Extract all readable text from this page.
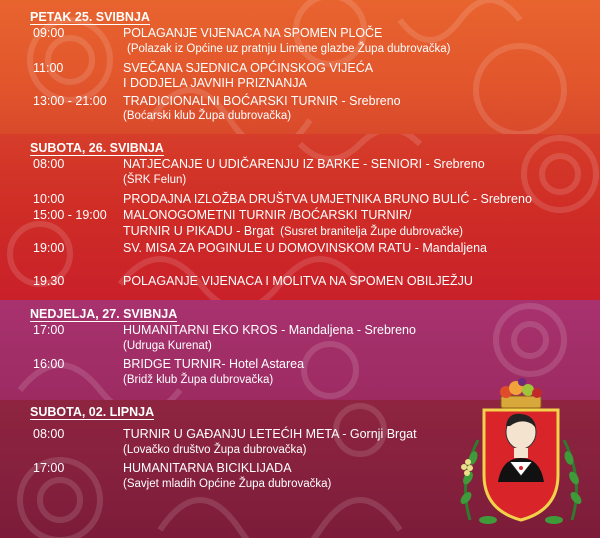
PETAK 25. SVIBNJA
09:00	POLAGANJE VIJENACA NA SPOMEN PLOČE
(Polazak iz Općine uz pratnju Limene glazbe Župa dubrovačka)
11:00	SVEČANA SJEDNICA OPĆINSKOG VIJEĆA
I DODJELA JAVNIH PRIZNANJA
13:00 - 21:00 TRADICIONALNI BOĆARSKI TURNIR - Srebreno
(Boćarski klub Župa dubrovačka)
SUBOTA, 26. SVIBNJA
08:00	NATJECANJE U UDIČARENJU IZ BARKE - SENIORI - Srebreno
(ŠRK Felun)
10:00	PRODAJNA IZLOŽBA DRUŠTVA UMJETNIKA BRUNO BULIĆ - Srebreno
15:00 - 19:00 MALONOGOMETNI TURNIR /BOĆARSKI TURNIR/
TURNIR U PIKADU - Brgat (Susret branitelja Župe dubrovačke)
19:00	SV. MISA ZA POGINULE U DOMOVINSKOM RATU - Mandaljena
19.30	POLAGANJE VIJENACA I MOLITVA NA SPOMEN OBILJEŽJU
NEDJELJA, 27. SVIBNJA
17:00	HUMANITARNI EKO KROS - Mandaljena - Srebreno
(Udruga Kurenat)
16:00	BRIDGE TURNIR- Hotel Astarea
(Bridž klub Župa dubrovačka)
SUBOTA, 02. LIPNJA
08:00	TURNIR U GAĐANJU LETEĆIH META - Gornji Brgat
(Lovačko društvo Župa dubrovačka)
17:00	HUMANITARNA BICIKLIJADA
(Savjet mladih Općine Župa dubrovačka)
